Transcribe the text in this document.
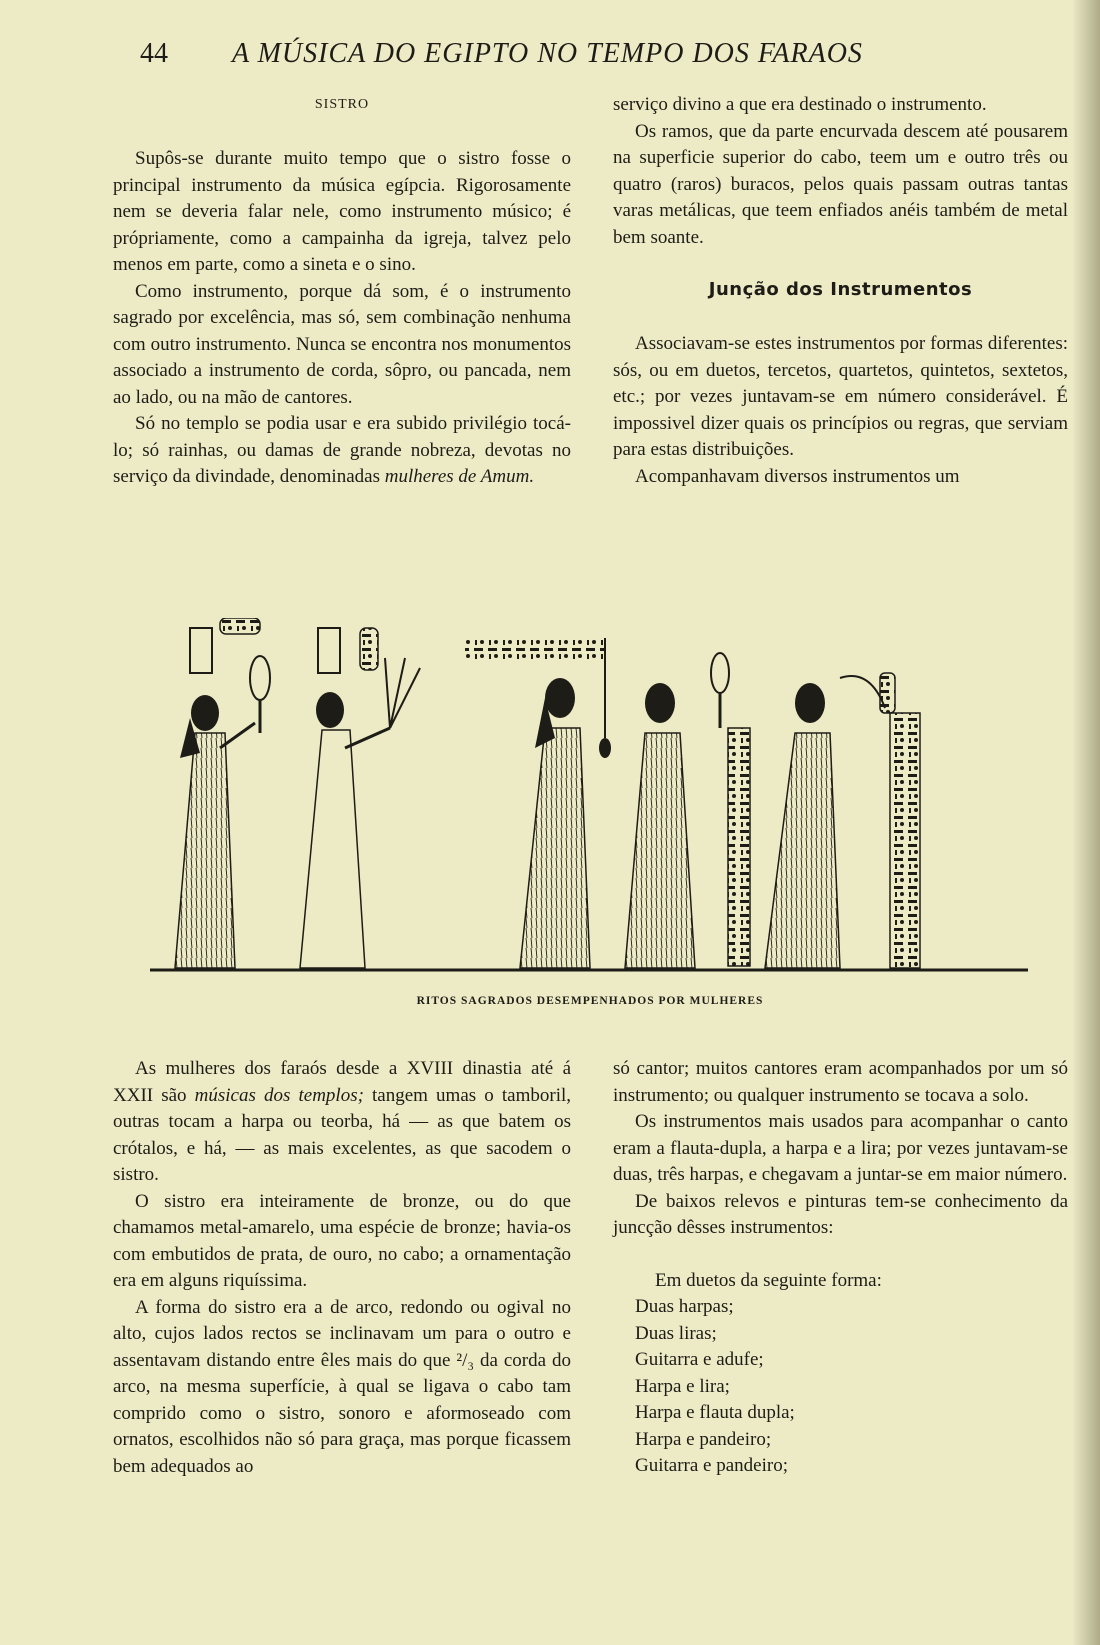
44 A MÚSICA DO EGIPTO NO TEMPO DOS FARAOS
SISTRO

Supôs-se durante muito tempo que o sistro fosse o principal instrumento da música egípcia. Rigorosamente nem se deveria falar nele, como instrumento músico; é própriamente, como a campainha da igreja, talvez pelo menos em parte, como a sineta e o sino.

Como instrumento, porque dá som, é o instrumento sagrado por excelência, mas só, sem combinação nenhuma com outro instrumento. Nunca se encontra nos monumentos associado a instrumento de corda, sôpro, ou pancada, nem ao lado, ou na mão de cantores.

Só no templo se podia usar e era subido privilégio tocá-lo; só rainhas, ou damas de grande nobreza, devotas no serviço da divindade, denominadas mulheres de Amum.

serviço divino a que era destinado o instrumento.

Os ramos, que da parte encurvada descem até pousarem na superficie superior do cabo, teem um e outro três ou quatro (raros) buracos, pelos quais passam outras tantas varas metálicas, que teem enfiados anéis também de metal bem soante.

Junção dos Instrumentos

Associavam-se estes instrumentos por formas diferentes: sós, ou em duetos, tercetos, quartetos, quintetos, sextetos, etc.; por vezes juntavam-se em número considerável. É impossivel dizer quais os princípios ou regras, que serviam para estas distribuições.

Acompanhavam diversos instrumentos um

RITOS SAGRADOS DESEMPENHADOS POR MULHERES

As mulheres dos faraós desde a XVIII dinastia até á XXII são músicas dos templos; tangem umas o tamboril, outras tocam a harpa ou teorba, há — as que batem os crótalos, e há, — as mais excelentes, as que sacodem o sistro.

O sistro era inteiramente de bronze, ou do que chamamos metal-amarelo, uma espécie de bronze; havia-os com embutidos de prata, de ouro, no cabo; a ornamentação era em alguns riquíssima.

A forma do sistro era a de arco, redondo ou ogival no alto, cujos lados rectos se inclinavam um para o outro e assentavam distando entre êles mais do que ²/₃ da corda do arco, na mesma superfície, à qual se ligava o cabo tam comprido como o sistro, sonoro e aformoseado com ornatos, escolhidos não só para graça, mas porque ficassem bem adequados ao

só cantor; muitos cantores eram acompanhados por um só instrumento; ou qualquer instrumento se tocava a solo.

Os instrumentos mais usados para acompanhar o canto eram a flauta-dupla, a harpa e a lira; por vezes juntavam-se duas, três harpas, e chegavam a juntar-se em maior número.

De baixos relevos e pinturas tem-se conhecimento da juncção dêsses instrumentos:

Em duetos da seguinte forma:
Duas harpas;
Duas liras;
Guitarra e adufe;
Harpa e lira;
Harpa e flauta dupla;
Harpa e pandeiro;
Guitarra e pandeiro;
